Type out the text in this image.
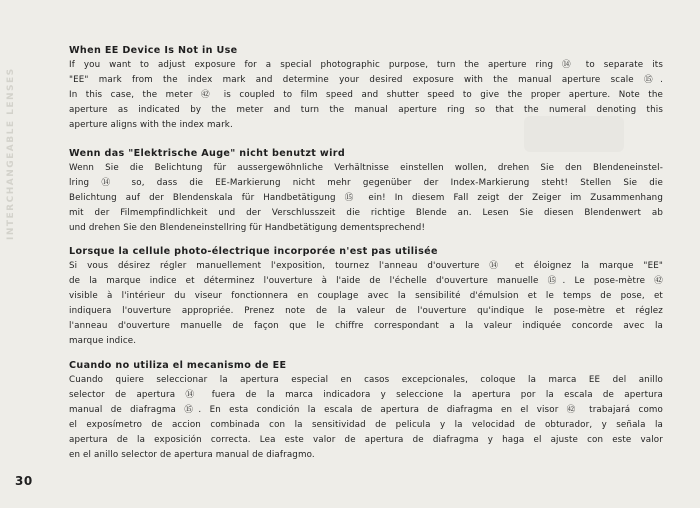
INTERCHANGEABLE LENSES
When EE Device Is Not in Use
If you want to adjust exposure for a special photographic purpose, turn the aperture ring ⑭ to separate its
"EE" mark from the index mark and determine your desired exposure with the manual aperture scale ⑮.
In this case, the meter ㊷ is coupled to film speed and shutter speed to give the proper aperture. Note the
aperture as indicated by the meter and turn the manual aperture ring so that the numeral denoting this
aperture aligns with the index mark.
Wenn das "Elektrische Auge" nicht benutzt wird
Wenn Sie die Belichtung für aussergewöhnliche Verhältnisse einstellen wollen, drehen Sie den Blendeneinstel-
lring ⑭ so, dass die EE-Markierung nicht mehr gegenüber der Index-Markierung steht! Stellen Sie die
Belichtung auf der Blendenskala für Handbetätigung ⑮ ein! In diesem Fall zeigt der Zeiger im Zusammenhang
mit der Filmempfindlichkeit und der Verschlusszeit die richtige Blende an. Lesen Sie diesen Blendenwert ab
und drehen Sie den Blendeneinstellring für Handbetätigung dementsprechend!
Lorsque la cellule photo-électrique incorporée n'est pas utilisée
Si vous désirez régler manuellement l'exposition, tournez l'anneau d'ouverture ⑭ et éloignez la marque "EE"
de la marque indice et déterminez l'ouverture à l'aide de l'échelle d'ouverture manuelle ⑮. Le pose-mètre ㊷
visible à l'intérieur du viseur fonctionnera en couplage avec la sensibilité d'émulsion et le temps de pose, et
indiquera l'ouverture appropriée. Prenez note de la valeur de l'ouverture qu'indique le pose-mètre et réglez
l'anneau d'ouverture manuelle de façon que le chiffre correspondant a la valeur indiquée concorde avec la
marque indice.
Cuando no utiliza el mecanismo de EE
Cuando quiere seleccionar la apertura especial en casos excepcionales, coloque la marca EE del anillo
selector de apertura ⑭ fuera de la marca indicadora y seleccione la apertura por la escala de apertura
manual de diafragma ⑮. En esta condición la escala de apertura de diafragma en el visor ㊷ trabajará como
el exposímetro de accion combinada con la sensitividad de pelicula y la velocidad de obturador, y señala la
apertura de la exposición correcta. Lea este valor de apertura de diafragma y haga el ajuste con este valor
en el anillo selector de apertura manual de diafragmo.
30
